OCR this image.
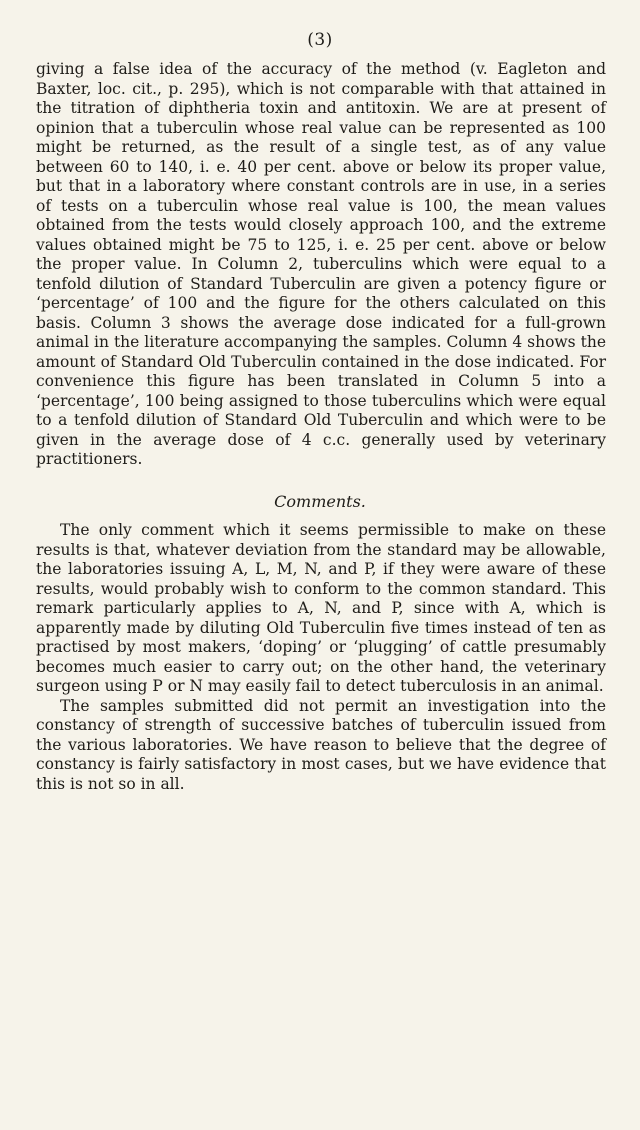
(3)

giving a false idea of the accuracy of the method (v. Eagleton and Baxter, loc. cit., p. 295), which is not comparable with that attained in the titration of diphtheria toxin and antitoxin. We are at present of opinion that a tuberculin whose real value can be represented as 100 might be returned, as the result of a single test, as of any value between 60 to 140, i. e. 40 per cent. above or below its proper value, but that in a laboratory where constant controls are in use, in a series of tests on a tuberculin whose real value is 100, the mean values obtained from the tests would closely approach 100, and the extreme values obtained might be 75 to 125, i. e. 25 per cent. above or below the proper value. In Column 2, tuberculins which were equal to a tenfold dilution of Standard Tuberculin are given a potency figure or ‘percentage’ of 100 and the figure for the others calculated on this basis. Column 3 shows the average dose indicated for a full-grown animal in the literature accompanying the samples. Column 4 shows the amount of Standard Old Tuberculin contained in the dose indicated. For convenience this figure has been translated in Column 5 into a ‘percentage’, 100 being assigned to those tuberculins which were equal to a tenfold dilution of Standard Old Tuberculin and which were to be given in the average dose of 4 c.c. generally used by veterinary practitioners.

Comments.

The only comment which it seems permissible to make on these results is that, whatever deviation from the standard may be allowable, the laboratories issuing A, L, M, N, and P, if they were aware of these results, would probably wish to conform to the common standard. This remark particularly applies to A, N, and P, since with A, which is apparently made by diluting Old Tuberculin five times instead of ten as practised by most makers, ‘doping’ or ‘plugging’ of cattle presumably becomes much easier to carry out; on the other hand, the veterinary surgeon using P or N may easily fail to detect tuberculosis in an animal.

The samples submitted did not permit an investigation into the constancy of strength of successive batches of tuberculin issued from the various laboratories. We have reason to believe that the degree of constancy is fairly satisfactory in most cases, but we have evidence that this is not so in all.
